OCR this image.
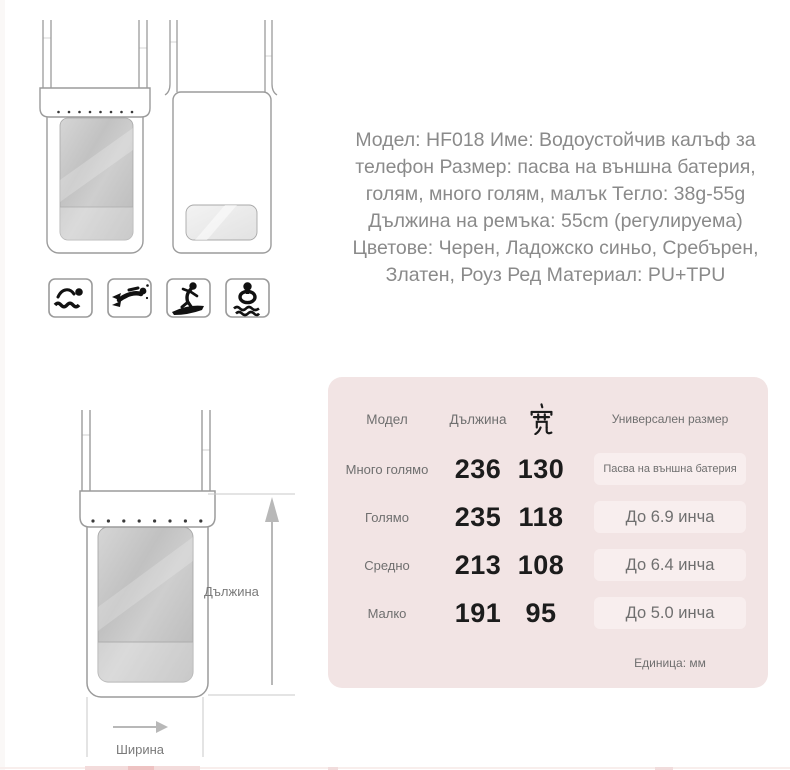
Модел: HF018 Име: Водоустойчив калъф за
телефон Размер: пасва на външна батерия,
голям, много голям, малък Тегло: 38g-55g
Дължина на ремъка: 55cm (регулируема)
Цветове: Черен, Ладожско синьо, Сребърен,
Златен, Роуз Ред Материал: PU+TPU
Дължина
Ширина
Модел	Дължина	Универсален размер
Много голямо 236 130	Пасва на външна батерия
Голямо 235 118	До 6.9 инча
Средно 213 108	До 6.4 инча
Малко 191 95	До 5.0 инча
Единица: мм
